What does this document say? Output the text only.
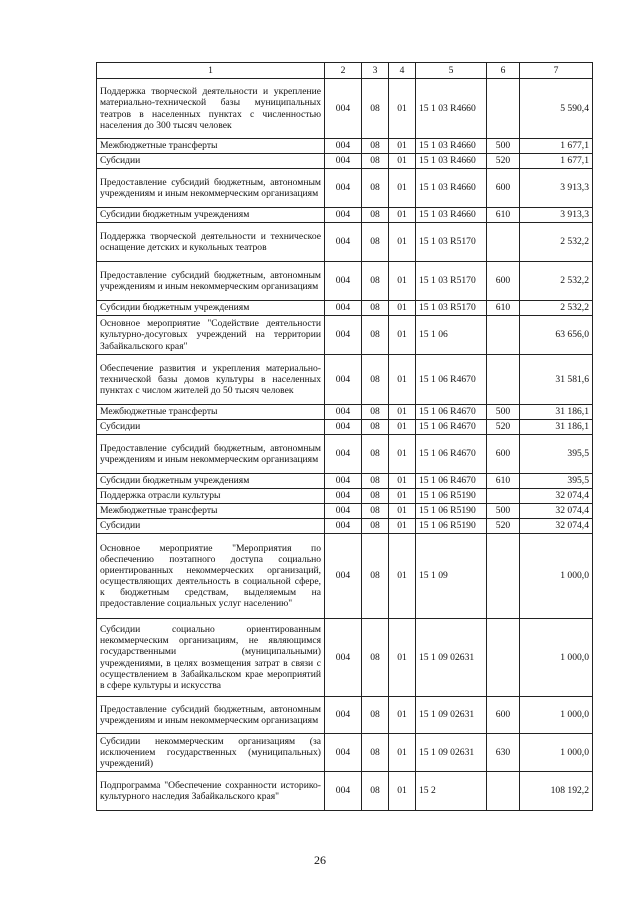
1	2	3	4	5	6	7
Поддержка творческой деятельности и укрепление материально-технической базы муниципальных театров в населенных пунктах с численностью населения до 300 тысяч человек	004	08	01	15 1 03 R4660		5 590,4
Межбюджетные трансферты	004	08	01	15 1 03 R4660	500	1 677,1
Субсидии	004	08	01	15 1 03 R4660	520	1 677,1
Предоставление субсидий бюджетным, автономным учреждениям и иным некоммерческим организациям	004	08	01	15 1 03 R4660	600	3 913,3
Субсидии бюджетным учреждениям	004	08	01	15 1 03 R4660	610	3 913,3
Поддержка творческой деятельности и техническое оснащение детских и кукольных театров	004	08	01	15 1 03 R5170		2 532,2
Предоставление субсидий бюджетным, автономным учреждениям и иным некоммерческим организациям	004	08	01	15 1 03 R5170	600	2 532,2
Субсидии бюджетным учреждениям	004	08	01	15 1 03 R5170	610	2 532,2
Основное мероприятие "Содействие деятельности культурно-досуговых учреждений на территории Забайкальского края"	004	08	01	15 1 06		63 656,0
Обеспечение развития и укрепления материально-технической базы домов культуры в населенных пунктах с числом жителей до 50 тысяч человек	004	08	01	15 1 06 R4670		31 581,6
Межбюджетные трансферты	004	08	01	15 1 06 R4670	500	31 186,1
Субсидии	004	08	01	15 1 06 R4670	520	31 186,1
Предоставление субсидий бюджетным, автономным учреждениям и иным некоммерческим организациям	004	08	01	15 1 06 R4670	600	395,5
Субсидии бюджетным учреждениям	004	08	01	15 1 06 R4670	610	395,5
Поддержка отрасли культуры	004	08	01	15 1 06 R5190		32 074,4
Межбюджетные трансферты	004	08	01	15 1 06 R5190	500	32 074,4
Субсидии	004	08	01	15 1 06 R5190	520	32 074,4
Основное мероприятие "Мероприятия по обеспечению поэтапного доступа социально ориентированных некоммерческих организаций, осуществляющих деятельность в социальной сфере, к бюджетным средствам, выделяемым на предоставление социальных услуг населению"	004	08	01	15 1 09		1 000,0
Субсидии социально ориентированным некоммерческим организациям, не являющимся государственными (муниципальными) учреждениями, в целях возмещения затрат в связи с осуществлением в Забайкальском крае мероприятий в сфере культуры и искусства	004	08	01	15 1 09 02631		1 000,0
Предоставление субсидий бюджетным, автономным учреждениям и иным некоммерческим организациям	004	08	01	15 1 09 02631	600	1 000,0
Субсидии некоммерческим организациям (за исключением государственных (муниципальных) учреждений)	004	08	01	15 1 09 02631	630	1 000,0
Подпрограмма "Обеспечение сохранности историко-культурного наследия Забайкальского края"	004	08	01	15 2		108 192,2
26
